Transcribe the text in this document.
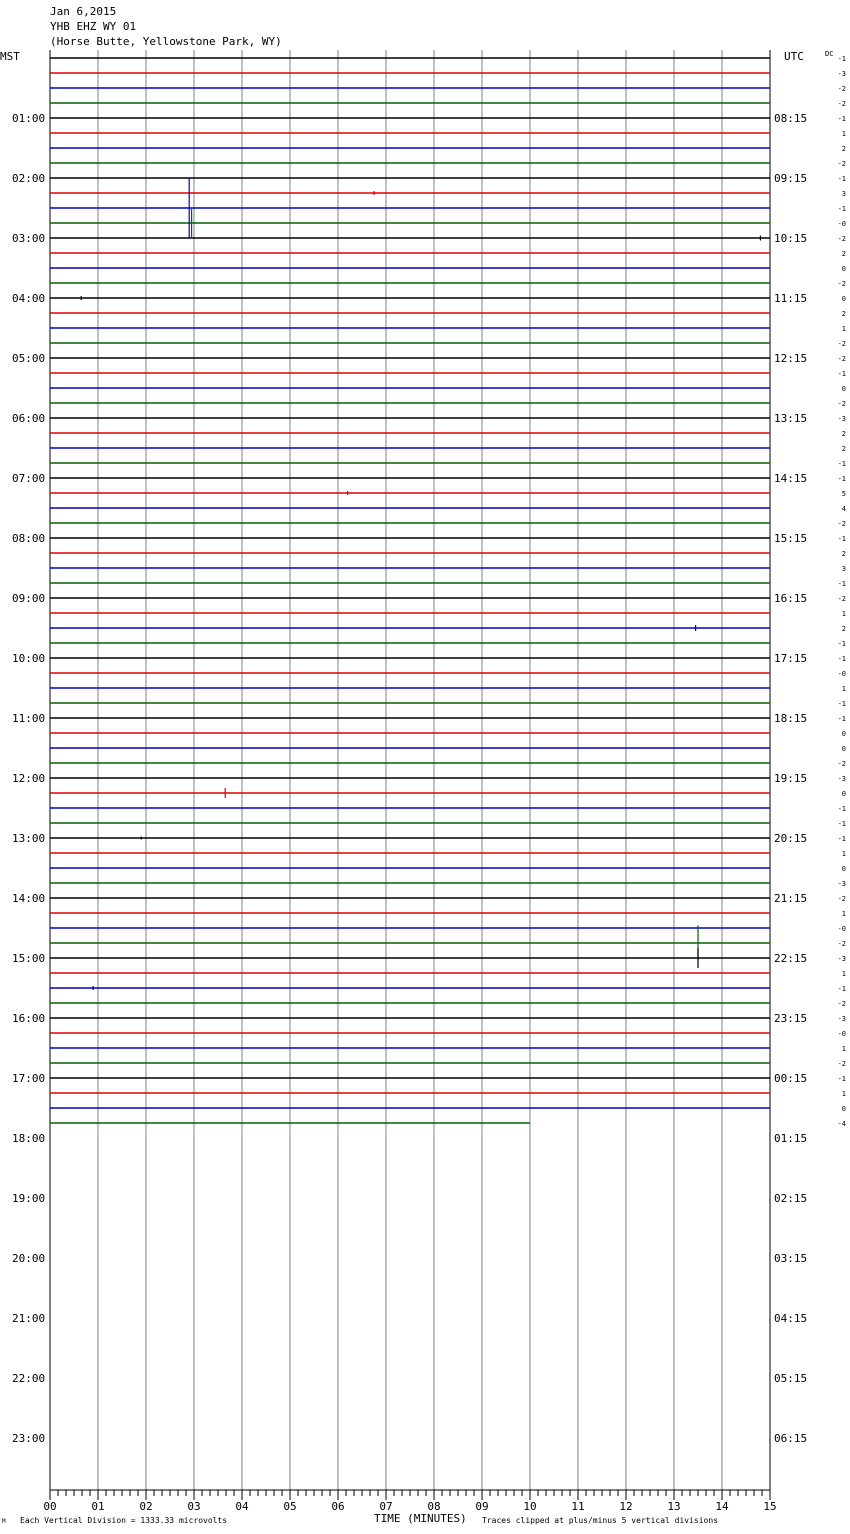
Jan 6,2015
YHB EHZ WY 01
(Horse Butte, Yellowstone Park, WY)
00	01	02	03	04	05	06	07	08	09	10	11	12	13	14	15
MST	UTC	DC
01:00
02:00
03:00
04:00
05:00
06:00
07:00
08:00
09:00
10:00
11:00
12:00
13:00
14:00
15:00
16:00
17:00
18:00
19:00
20:00
21:00
22:00
23:00
08:15
09:15
10:15
11:15
12:15
13:15
14:15
15:15
16:15
17:15
18:15
19:15
20:15
21:15
22:15
23:15
00:15
01:15
02:15
03:15
04:15
05:15
06:15
-1
-3
-2
-2
-1
1
2
-2
-1
3
-1
-0
-2
2
0
-2
0
2
1
-2
-2
-1
0
-2
-3
2
2
-1
-1
5
4
-2
-1
2
3
-1
-2
1
2
-1
-1
-0
1
-1
-1
0
0
-2
-3
0
-1
-1
-1
1
0
-3
-2
1
-0
-2
-3
1
-1
-2
-3
-0
1
-2
-1
1
0
-4
M Each Vertical Division = 1333.33 microvolts	TIME (MINUTES) Traces clipped at plus/minus 5 vertical divisions
